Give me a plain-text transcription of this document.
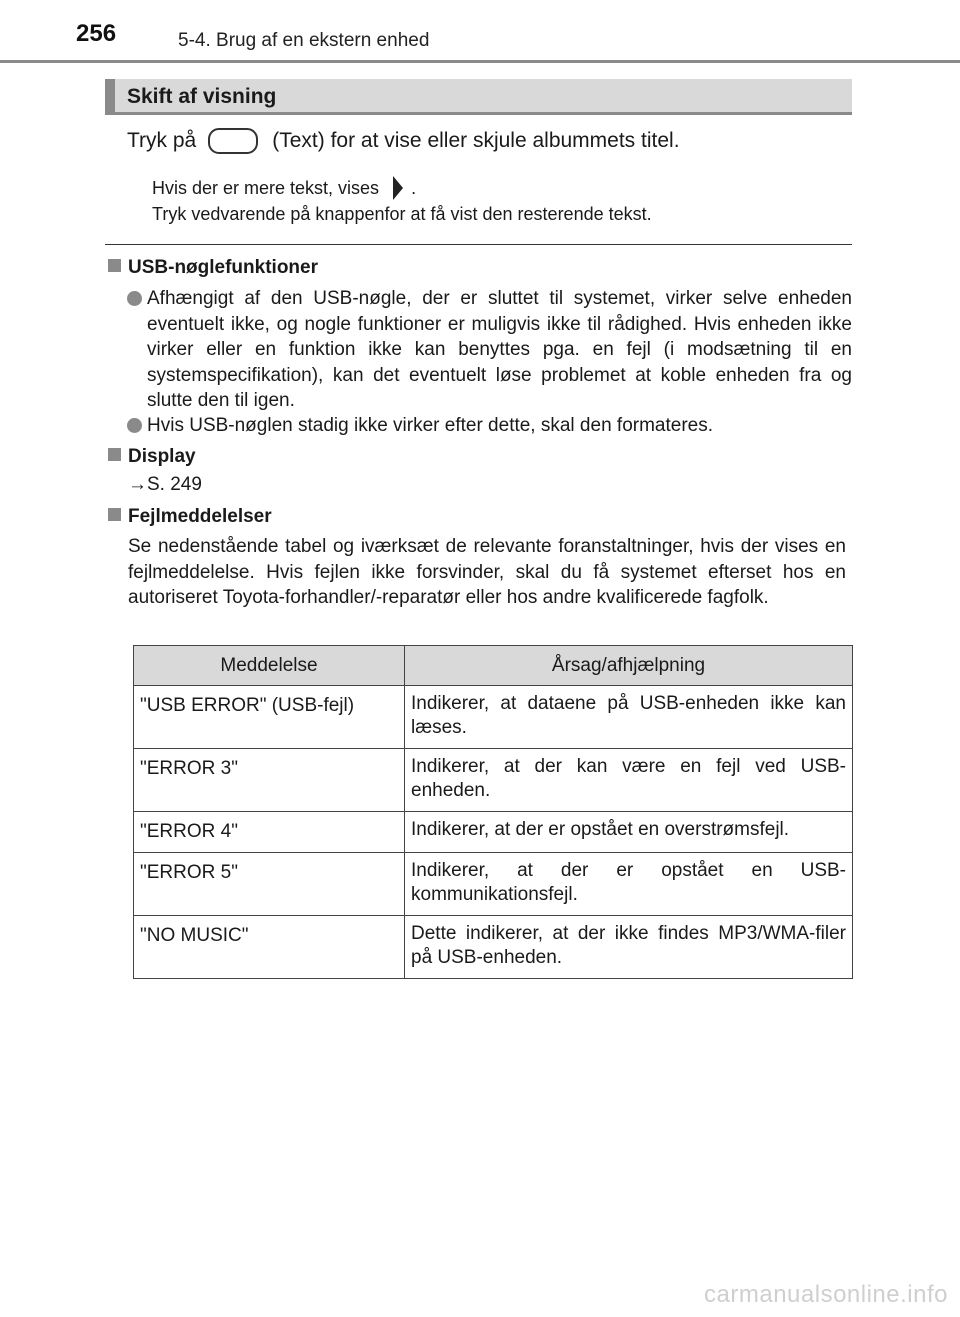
256	5-4. Brug af en ekstern enhed
Skift af visning
Tryk på	(Text) for at vise eller skjule albummets titel.
Hvis der er mere tekst, vises .
Tryk vedvarende på knappenfor at få vist den resterende tekst.
USB-nøglefunktioner
Afhængigt af den USB-nøgle, der er sluttet til systemet, virker selve enheden eventuelt ikke, og nogle funktioner er muligvis ikke til rådighed. Hvis enheden ikke virker eller en funktion ikke kan benyttes pga. en fejl (i modsætning til en systemspecifikation), kan det eventuelt løse problemet at koble enheden fra og slutte den til igen.
Hvis USB-nøglen stadig ikke virker efter dette, skal den formateres.
Display
→S. 249
Fejlmeddelelser
Se nedenstående tabel og iværksæt de relevante foranstaltninger, hvis der vises en fejlmeddelelse. Hvis fejlen ikke forsvinder, skal du få systemet efterset hos en autoriseret Toyota-forhandler/-reparatør eller hos andre kvalificerede fagfolk.
Meddelelse	Årsag/afhjælpning
"USB ERROR" (USB-fejl)	Indikerer, at dataene på USB-enheden ikke kan læses.
"ERROR 3"	Indikerer, at der kan være en fejl ved USB-enheden.
"ERROR 4"	Indikerer, at der er opstået en overstrømsfejl.
"ERROR 5"	Indikerer, at der er opstået en USB-kommunikationsfejl.
"NO MUSIC"	Dette indikerer, at der ikke findes MP3/WMA-filer på USB-enheden.
carmanualsonline.info
